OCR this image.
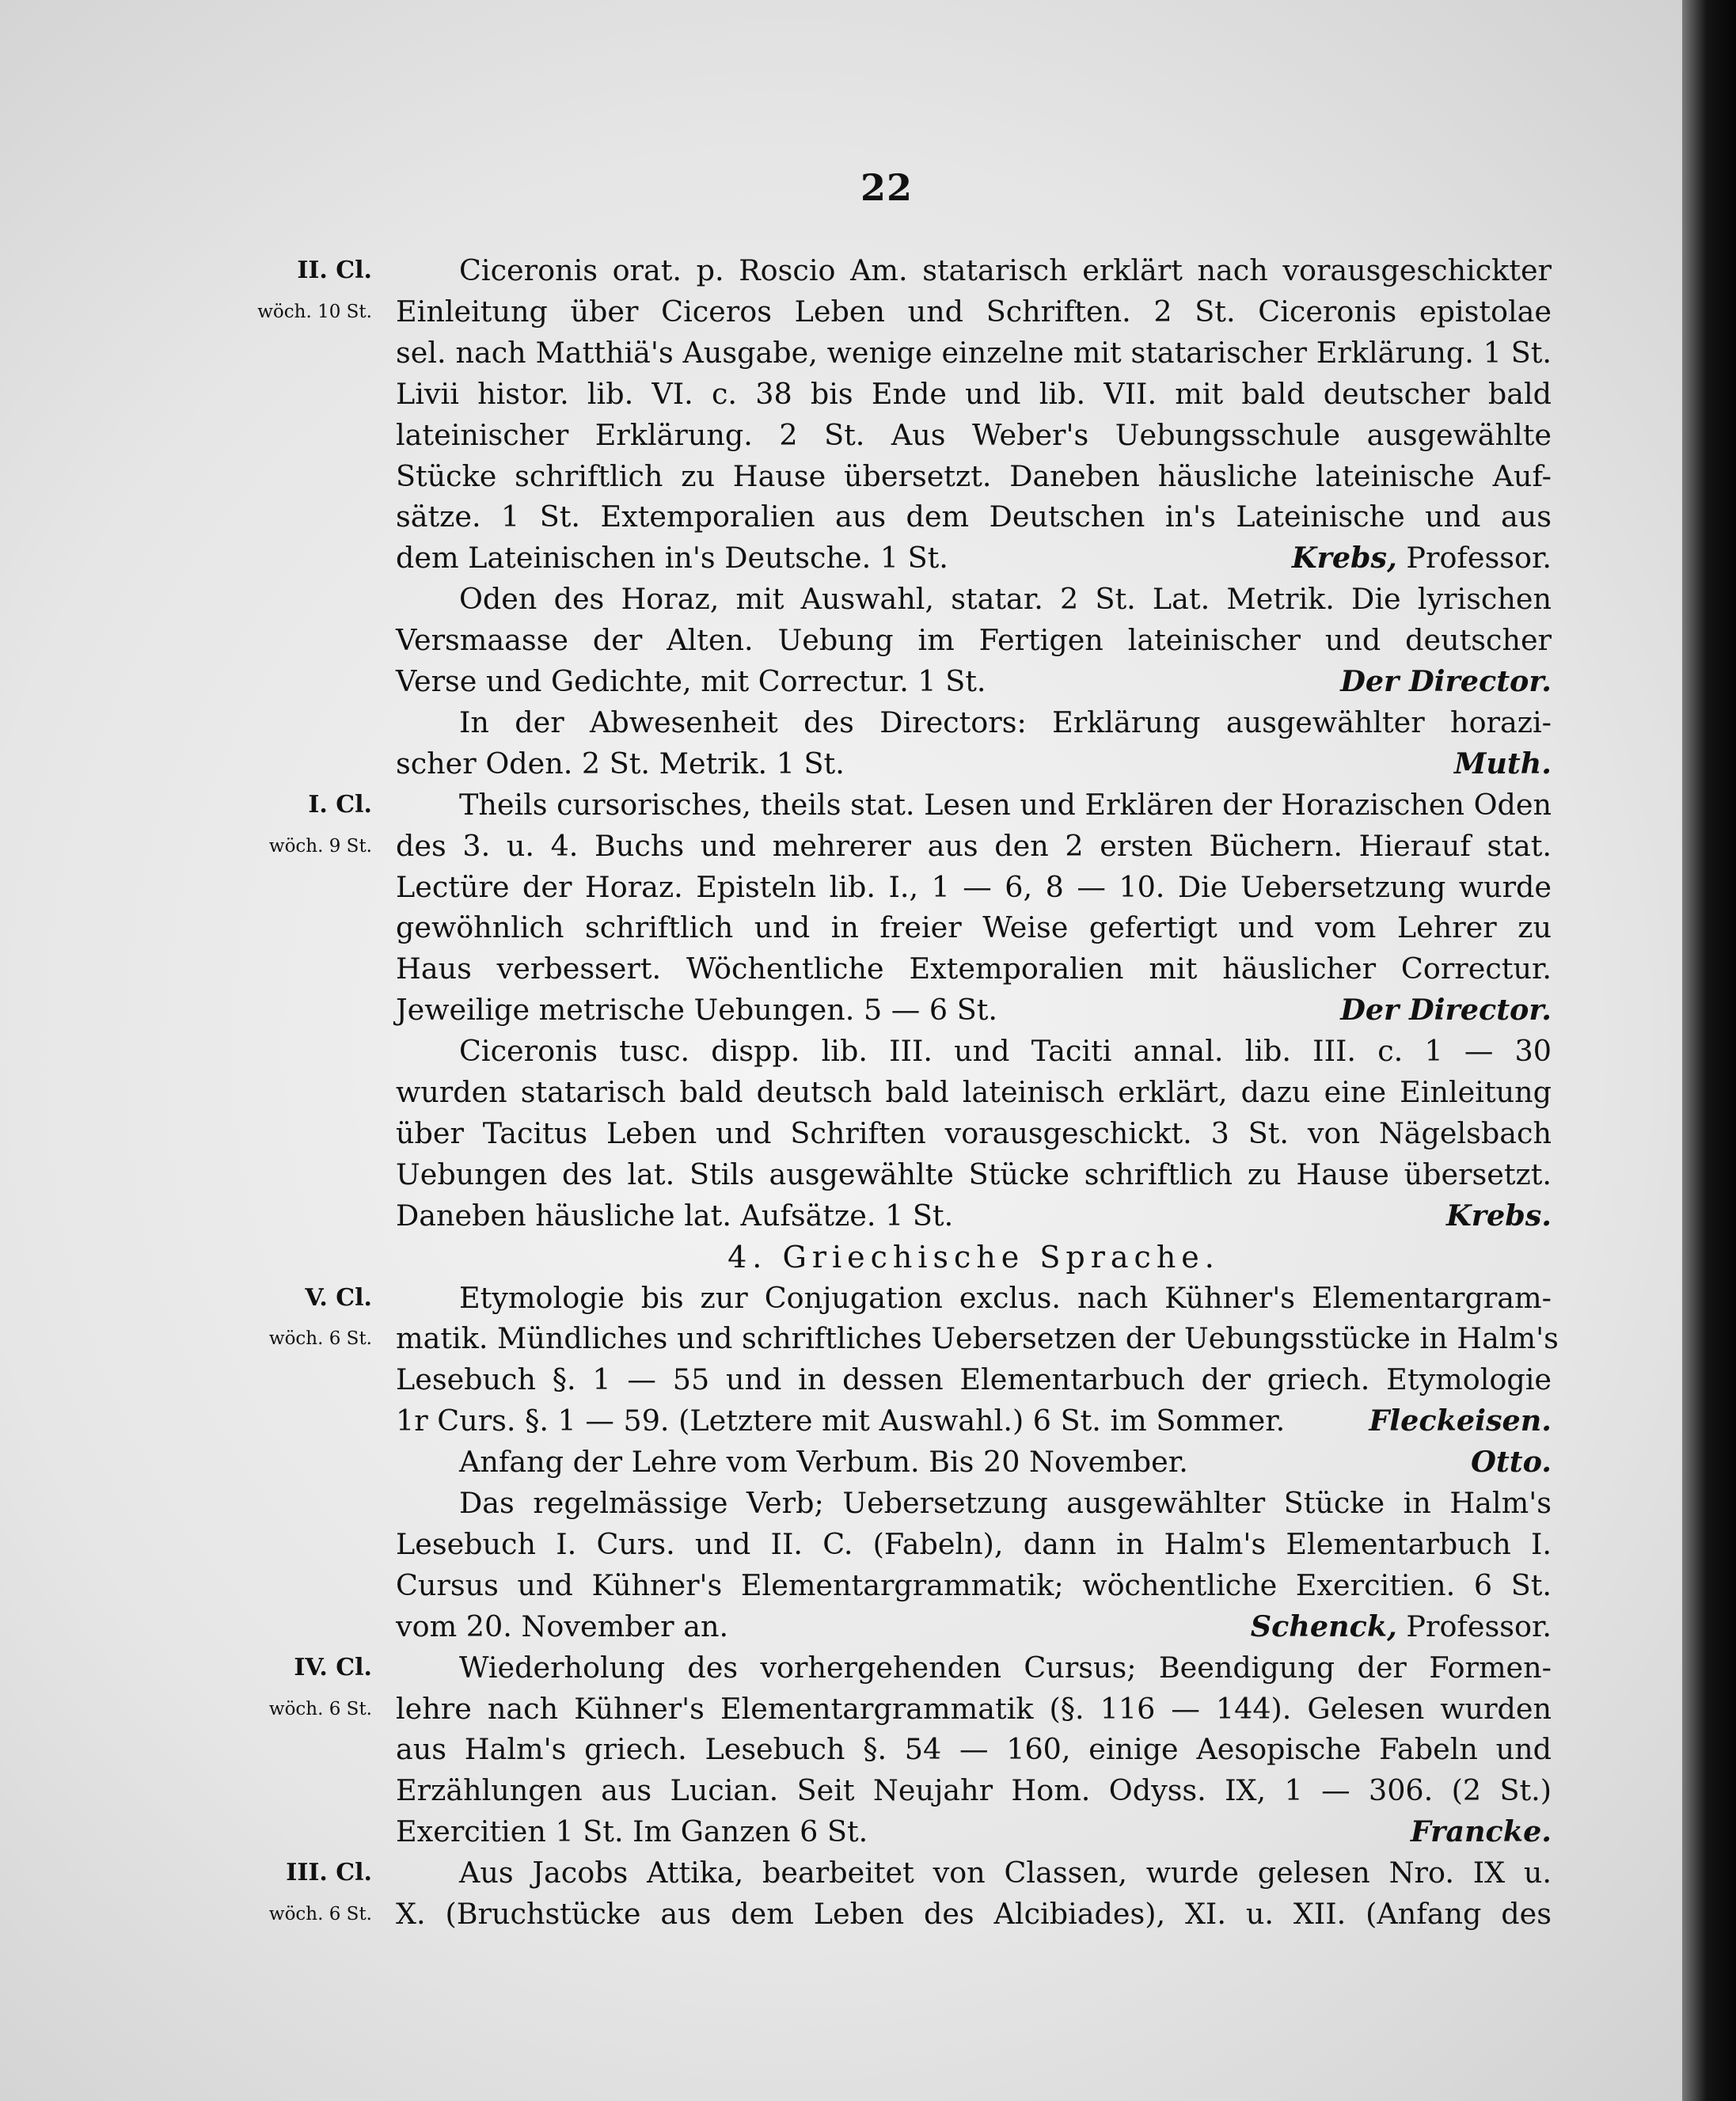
22
II. Cl.	Ciceronis orat. p. Roscio Am. statarisch erklärt nach vorausgeschickter
wöch. 10 St. Einleitung über Ciceros Leben und Schriften. 2 St. Ciceronis epistolae
sel. nach Matthiä's Ausgabe, wenige einzelne mit statarischer Erklärung. 1 St.
Livii histor. lib. VI. c. 38 bis Ende und lib. VII. mit bald deutscher bald
lateinischer Erklärung. 2 St. Aus Weber's Uebungsschule ausgewählte
Stücke schriftlich zu Hause übersetzt. Daneben häusliche lateinische Auf-
sätze. 1 St. Extemporalien aus dem Deutschen in's Lateinische und aus
dem Lateinischen in's Deutsche. 1 St.	Krebs, Professor.
Oden des Horaz, mit Auswahl, statar. 2 St. Lat. Metrik. Die lyrischen
Versmaasse der Alten. Uebung im Fertigen lateinischer und deutscher
Verse und Gedichte, mit Correctur. 1 St.	Der Director.
In der Abwesenheit des Directors: Erklärung ausgewählter horazi-
scher Oden. 2 St. Metrik. 1 St.	Muth.
I. Cl.	Theils cursorisches, theils stat. Lesen und Erklären der Horazischen Oden
wöch. 9 St. des 3. u. 4. Buchs und mehrerer aus den 2 ersten Büchern. Hierauf stat.
Lectüre der Horaz. Episteln lib. I., 1 — 6, 8 — 10. Die Uebersetzung wurde
gewöhnlich schriftlich und in freier Weise gefertigt und vom Lehrer zu
Haus verbessert. Wöchentliche Extemporalien mit häuslicher Correctur.
Jeweilige metrische Uebungen. 5 — 6 St.	Der Director.
Ciceronis tusc. dispp. lib. III. und Taciti annal. lib. III. c. 1 — 30
wurden statarisch bald deutsch bald lateinisch erklärt, dazu eine Einleitung
über Tacitus Leben und Schriften vorausgeschickt. 3 St. von Nägelsbach
Uebungen des lat. Stils ausgewählte Stücke schriftlich zu Hause übersetzt.
Daneben häusliche lat. Aufsätze. 1 St.	Krebs.
4. Griechische Sprache.
V. Cl.	Etymologie bis zur Conjugation exclus. nach Kühner's Elementargram-
wöch. 6 St. matik. Mündliches und schriftliches Uebersetzen der Uebungsstücke in Halm's
Lesebuch §. 1 — 55 und in dessen Elementarbuch der griech. Etymologie
1r Curs. §. 1 — 59. (Letztere mit Auswahl.) 6 St. im Sommer.	Fleckeisen.
Anfang der Lehre vom Verbum. Bis 20 November.	Otto.
Das regelmässige Verb; Uebersetzung ausgewählter Stücke in Halm's
Lesebuch I. Curs. und II. C. (Fabeln), dann in Halm's Elementarbuch I.
Cursus und Kühner's Elementargrammatik; wöchentliche Exercitien. 6 St.
vom 20. November an.	Schenck, Professor.
IV. Cl.	Wiederholung des vorhergehenden Cursus; Beendigung der Formen-
wöch. 6 St. lehre nach Kühner's Elementargrammatik (§. 116 — 144). Gelesen wurden
aus Halm's griech. Lesebuch §. 54 — 160, einige Aesopische Fabeln und
Erzählungen aus Lucian. Seit Neujahr Hom. Odyss. IX, 1 — 306. (2 St.)
Exercitien 1 St. Im Ganzen 6 St.	Francke.
III. Cl.	Aus Jacobs Attika, bearbeitet von Classen, wurde gelesen Nro. IX u.
wöch. 6 St. X. (Bruchstücke aus dem Leben des Alcibiades), XI. u. XII. (Anfang des
